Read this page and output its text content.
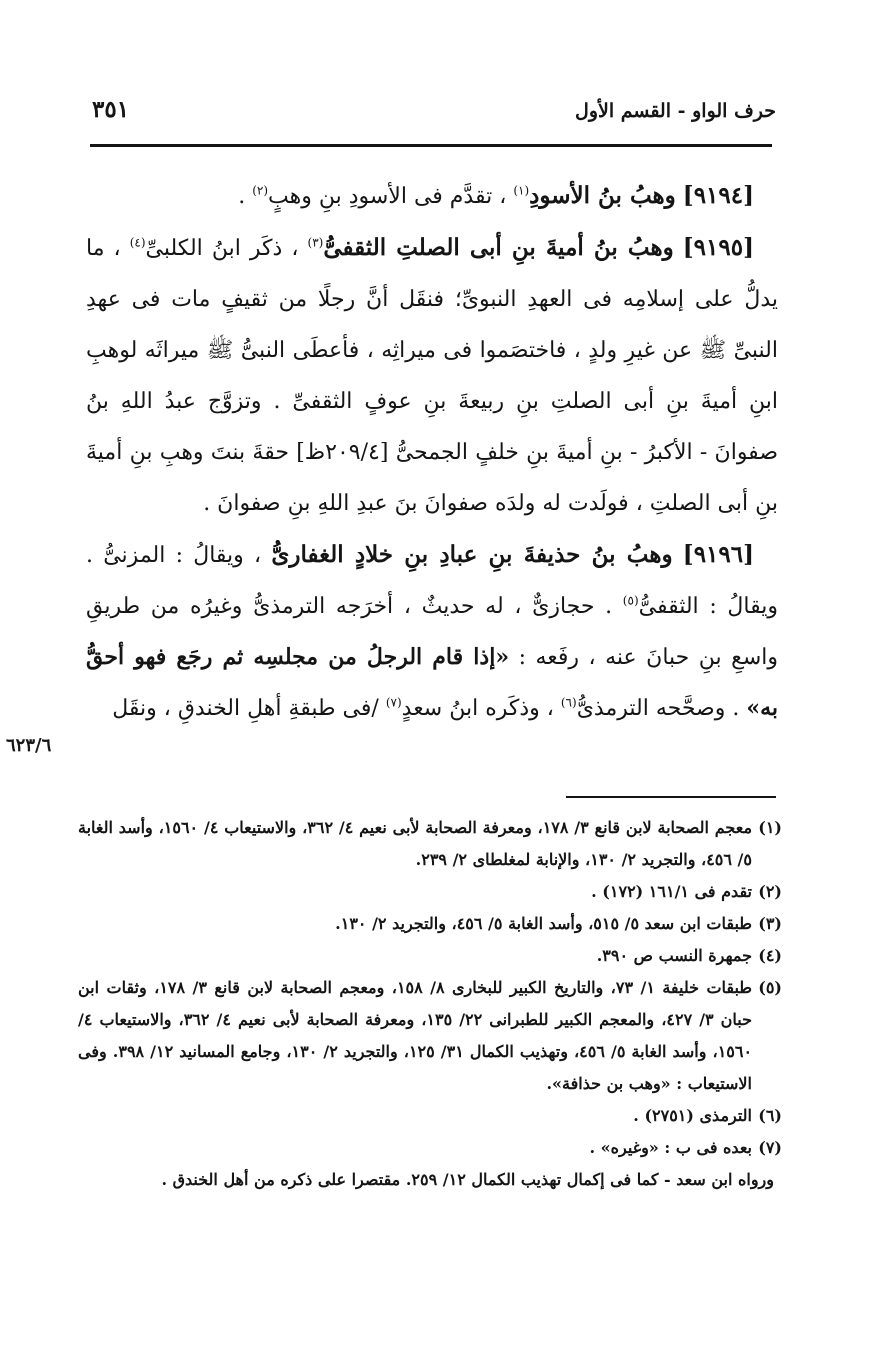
حرف الواو - القسم الأول
٣٥١

[٩١٩٤] وهبُ بنُ الأسودِ$^{(١)}$ ، تقدَّم فى الأسودِ بنِ وهبٍ$^{(٢)}$ .

[٩١٩٥] وهبُ بنُ أميةَ بنِ أبى الصلتِ الثقفىُّ$^{(٣)}$ ، ذكَر ابنُ الكلبىِّ$^{(٤)}$ ، ما يدلُّ على إسلامِه فى العهدِ النبوىِّ؛ فنقَل أنَّ رجلًا من ثقيفٍ مات فى عهدِ النبىِّ ﷺ عن غيرِ ولدٍ ، فاختصَموا فى ميراثِه ، فأعطَى النبىُّ ﷺ ميراثَه لوهبِ ابنِ أميةَ بنِ أبى الصلتِ بنِ ربيعةَ بنِ عوفٍ الثقفىِّ . وتزوَّج عبدُ اللهِ بنُ صفوانَ - الأكبرُ - بنِ أميةَ بنِ خلفٍ الجمحىُّ [٢٠٩/٤ظ] حقةَ بنتَ وهبِ بنِ أميةَ بنِ أبى الصلتِ ، فولَدت له ولدَه صفوانَ بنَ عبدِ اللهِ بنِ صفوانَ .

[٩١٩٦] وهبُ بنُ حذيفةَ بنِ عبادِ بنِ خلادٍ الغفارىُّ ، ويقالُ : المزنىُّ . ويقالُ : الثقفىُّ$^{(٥)}$ . حجازىٌّ ، له حديثٌ ، أخرَجه الترمذىُّ وغيرُه من طريقِ واسعِ بنِ حبانَ عنه ، رفَعه : «إذا قام الرجلُ من مجلسِه ثم رجَع فهو أحقُّ به» . وصحَّحه الترمذىُّ$^{(٦)}$ ، وذكَره ابنُ سعدٍ$^{(٧)}$ /فى طبقةِ أهلِ الخندقِ ، ونقَل

٦٢٣/٦

(١)
معجم الصحابة لابن قانع ٣/ ١٧٨، ومعرفة الصحابة لأبى نعيم ٤/ ٣٦٢، والاستيعاب ٤/ ١٥٦٠، وأسد الغابة ٥/ ٤٥٦، والتجريد ٢/ ١٣٠، والإنابة لمغلطاى ٢/ ٢٣٩.

(٢)
تقدم فى ١٦١/١ (١٧٢) .

(٣)
طبقات ابن سعد ٥/ ٥١٥، وأسد الغابة ٥/ ٤٥٦، والتجريد ٢/ ١٣٠.

(٤)
جمهرة النسب ص ٣٩٠.

(٥)
طبقات خليفة ١/ ٧٣، والتاريخ الكبير للبخارى ٨/ ١٥٨، ومعجم الصحابة لابن قانع ٣/ ١٧٨، وثقات ابن حبان ٣/ ٤٢٧، والمعجم الكبير للطبرانى ٢٢/ ١٣٥، ومعرفة الصحابة لأبى نعيم ٤/ ٣٦٢، والاستيعاب ٤/ ١٥٦٠، وأسد الغابة ٥/ ٤٥٦، وتهذيب الكمال ٣١/ ١٢٥، والتجريد ٢/ ١٣٠، وجامع المسانيد ١٢/ ٣٩٨. وفى الاستيعاب : «وهب بن حذافة».

(٦)
الترمذى (٢٧٥١) .

(٧)
بعده فى ب : «وغيره» .

ورواه ابن سعد - كما فى إكمال تهذيب الكمال ١٢/ ٢٥٩. مقتصرا على ذكره من أهل الخندق .
